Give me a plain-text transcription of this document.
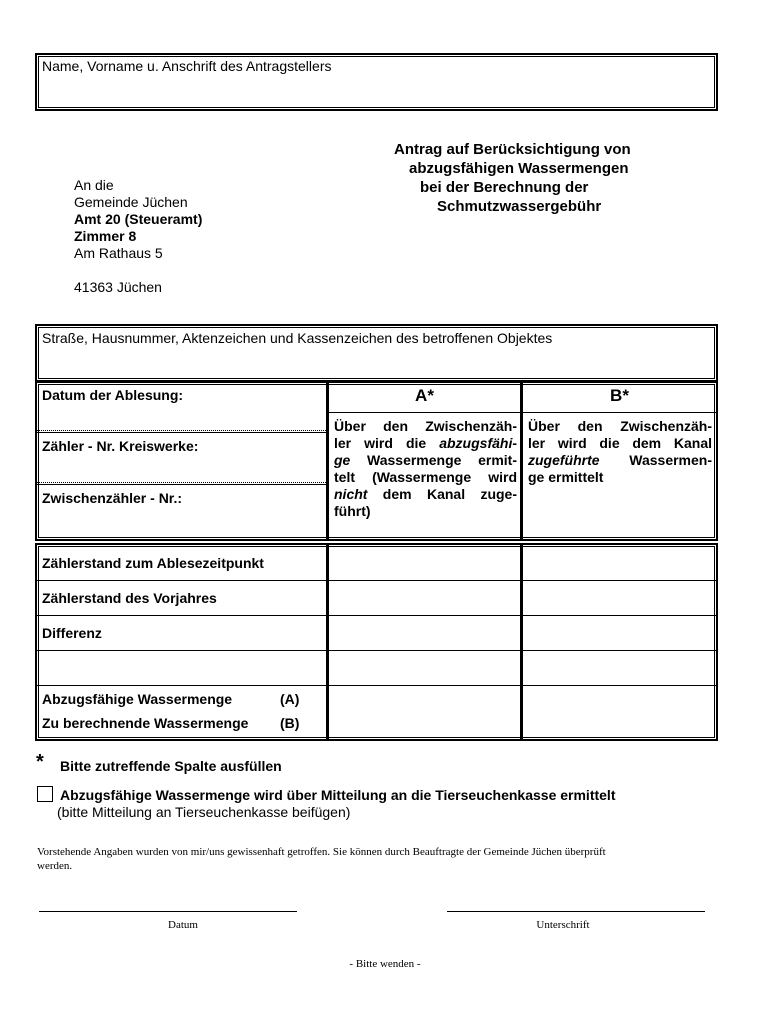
Name, Vorname u. Anschrift des Antragstellers
Antrag auf Berücksichtigung von
abzugsfähigen Wassermengen
bei der Berechnung der
Schmutzwassergebühr
An die
Gemeinde Jüchen
Amt 20 (Steueramt)
Zimmer 8
Am Rathaus 5
41363 Jüchen
Straße, Hausnummer, Aktenzeichen und Kassenzeichen des betroffenen Objektes
Datum der Ablesung:
Zähler - Nr. Kreiswerke:
Zwischenzähler - Nr.:
A*	B*
Über den Zwischenzäh-
ler wird die abzugsfähi-
ge Wassermenge ermit-
telt (Wassermenge wird
nicht dem Kanal zuge-
führt)
Über den Zwischenzäh-
ler wird die dem Kanal
zugeführte Wassermen-
ge ermittelt
Zählerstand zum Ablesezeitpunkt
Zählerstand des Vorjahres
Differenz
Abzugsfähige Wassermenge	(A)
Zu berechnende Wassermenge (B)
* Bitte zutreffende Spalte ausfüllen
Abzugsfähige Wassermenge wird über Mitteilung an die Tierseuchenkasse ermittelt
(bitte Mitteilung an Tierseuchenkasse beifügen)
Vorstehende Angaben wurden von mir/uns gewissenhaft getroffen. Sie können durch Beauftragte der Gemeinde Jüchen überprüft
werden.
Datum	Unterschrift
- Bitte wenden -
